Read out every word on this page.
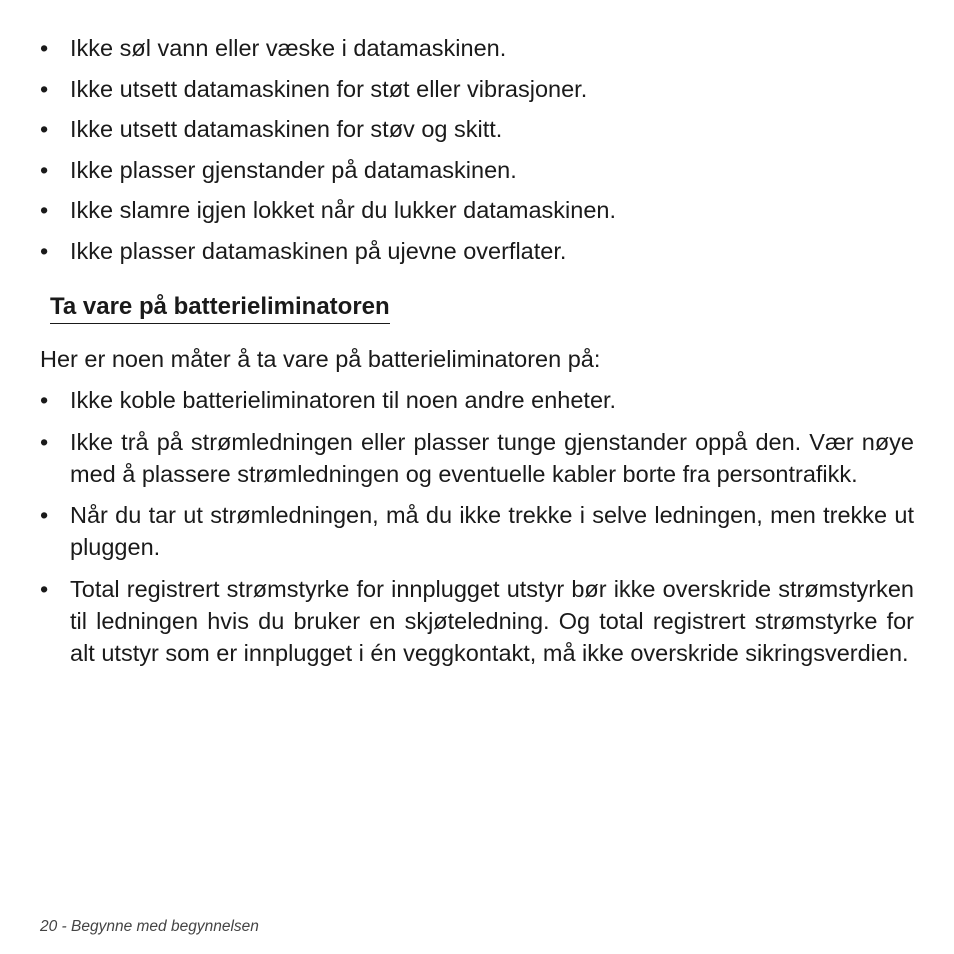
• Ikke søl vann eller væske i datamaskinen.
• Ikke utsett datamaskinen for støt eller vibrasjoner.
• Ikke utsett datamaskinen for støv og skitt.
• Ikke plasser gjenstander på datamaskinen.
• Ikke slamre igjen lokket når du lukker datamaskinen.
• Ikke plasser datamaskinen på ujevne overflater.
Ta vare på batterieliminatoren
Her er noen måter å ta vare på batterieliminatoren på:
• Ikke koble batterieliminatoren til noen andre enheter.
• Ikke trå på strømledningen eller plasser tunge gjenstander oppå den. Vær nøye med å plassere strømledningen og eventuelle kabler borte fra persontrafikk.
• Når du tar ut strømledningen, må du ikke trekke i selve ledningen, men trekke ut pluggen.
• Total registrert strømstyrke for innplugget utstyr bør ikke overskride strømstyrken til ledningen hvis du bruker en skjøteledning. Og total registrert strømstyrke for alt utstyr som er innplugget i én veggkontakt, må ikke overskride sikringsverdien.
20 - Begynne med begynnelsen
